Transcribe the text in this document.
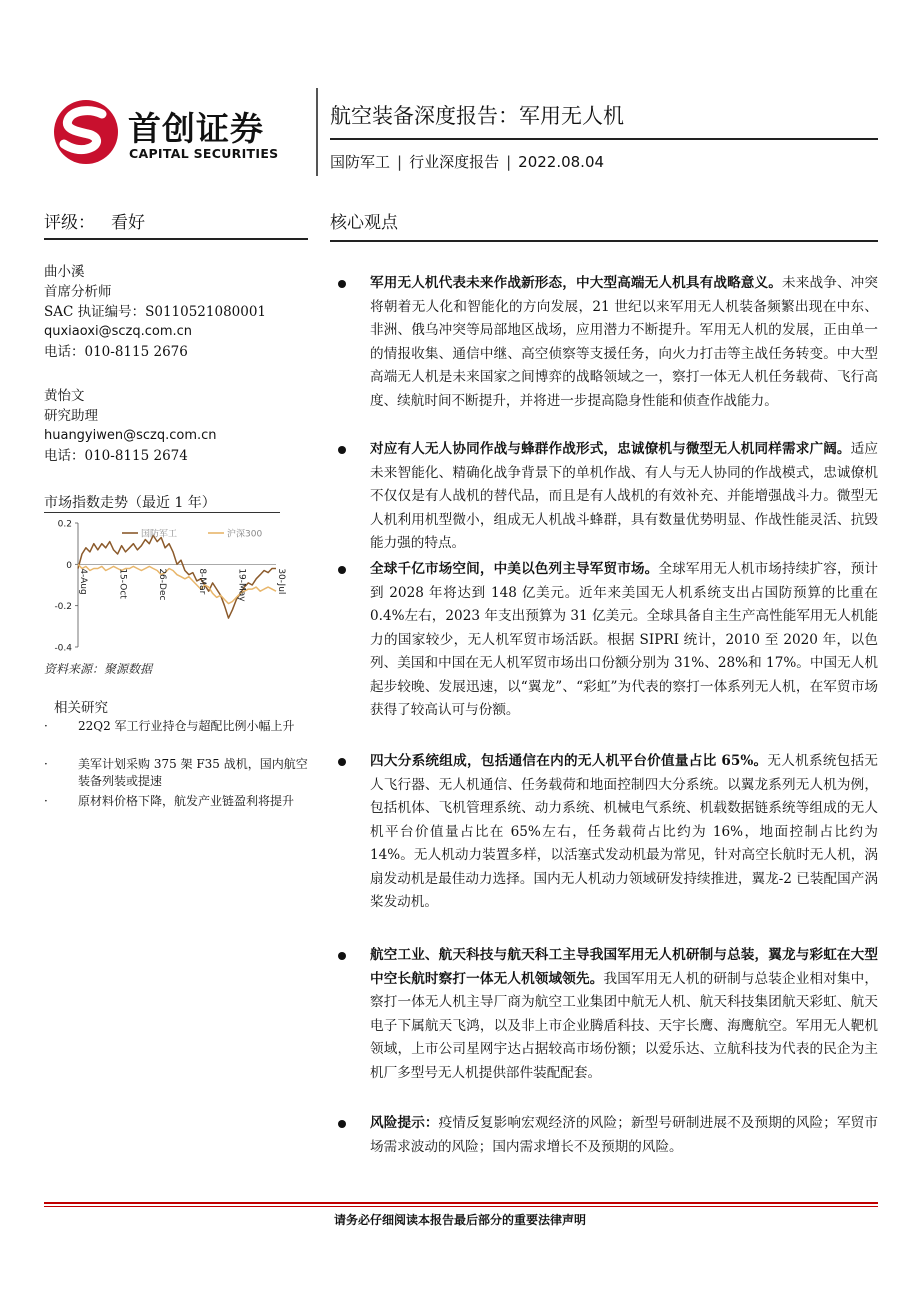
首创证券
CAPITAL SECURITIES
航空装备深度报告：军用无人机
国防军工 | 行业深度报告 | 2022.08.04
评级： 看好
曲小溪
首席分析师
SAC 执证编号：S0110521080001
quxiaoxi@sczq.com.cn
电话：010-8115 2676
黄怡文
研究助理
huangyiwen@sczq.com.cn
电话：010-8115 2674
市场指数走势（最近 1 年）
0.2
0
-0.2
-0.4
4-Aug	15-Oct	26-Dec	8-Mar	19-May	30-Jul
国防军工	沪深300
资料来源：聚源数据
相关研究
·	22Q2 军工行业持仓与超配比例小幅上升
·	美军计划采购 375 架 F35 战机，国内航空装备列装或提速
·	原材料价格下降，航发产业链盈利将提升
核心观点
军用无人机代表未来作战新形态，中大型高端无人机具有战略意义。未来战争、冲突将朝着无人化和智能化的方向发展，21 世纪以来军用无人机装备频繁出现在中东、非洲、俄乌冲突等局部地区战场，应用潜力不断提升。军用无人机的发展，正由单一的情报收集、通信中继、高空侦察等支援任务，向火力打击等主战任务转变。中大型高端无人机是未来国家之间博弈的战略领域之一，察打一体无人机任务载荷、飞行高度、续航时间不断提升，并将进一步提高隐身性能和侦查作战能力。
对应有人无人协同作战与蜂群作战形式，忠诚僚机与微型无人机同样需求广阔。适应未来智能化、精确化战争背景下的单机作战、有人与无人协同的作战模式，忠诚僚机不仅仅是有人战机的替代品，而且是有人战机的有效补充、并能增强战斗力。微型无人机利用机型微小，组成无人机战斗蜂群，具有数量优势明显、作战性能灵活、抗毁能力强的特点。
全球千亿市场空间，中美以色列主导军贸市场。全球军用无人机市场持续扩容，预计到 2028 年将达到 148 亿美元。近年来美国无人机系统支出占国防预算的比重在 0.4%左右，2023 年支出预算为 31 亿美元。全球具备自主生产高性能军用无人机能力的国家较少，无人机军贸市场活跃。根据 SIPRI 统计，2010 至 2020 年，以色列、美国和中国在无人机军贸市场出口份额分别为 31%、28%和 17%。中国无人机起步较晚、发展迅速，以“翼龙”、“彩虹”为代表的察打一体系列无人机，在军贸市场获得了较高认可与份额。
四大分系统组成，包括通信在内的无人机平台价值量占比 65%。无人机系统包括无人飞行器、无人机通信、任务载荷和地面控制四大分系统。以翼龙系列无人机为例，包括机体、飞机管理系统、动力系统、机械电气系统、机载数据链系统等组成的无人机平台价值量占比在 65%左右，任务载荷占比约为 16%，地面控制占比约为 14%。无人机动力装置多样，以活塞式发动机最为常见，针对高空长航时无人机，涡扇发动机是最佳动力选择。国内无人机动力领域研发持续推进，翼龙-2 已装配国产涡桨发动机。
航空工业、航天科技与航天科工主导我国军用无人机研制与总装，翼龙与彩虹在大型中空长航时察打一体无人机领域领先。我国军用无人机的研制与总装企业相对集中，察打一体无人机主导厂商为航空工业集团中航无人机、航天科技集团航天彩虹、航天电子下属航天飞鸿，以及非上市企业腾盾科技、天宇长鹰、海鹰航空。军用无人靶机领域，上市公司星网宇达占据较高市场份额；以爱乐达、立航科技为代表的民企为主机厂多型号无人机提供部件装配配套。
风险提示：疫情反复影响宏观经济的风险；新型号研制进展不及预期的风险；军贸市场需求波动的风险；国内需求增长不及预期的风险。
请务必仔细阅读本报告最后部分的重要法律声明
